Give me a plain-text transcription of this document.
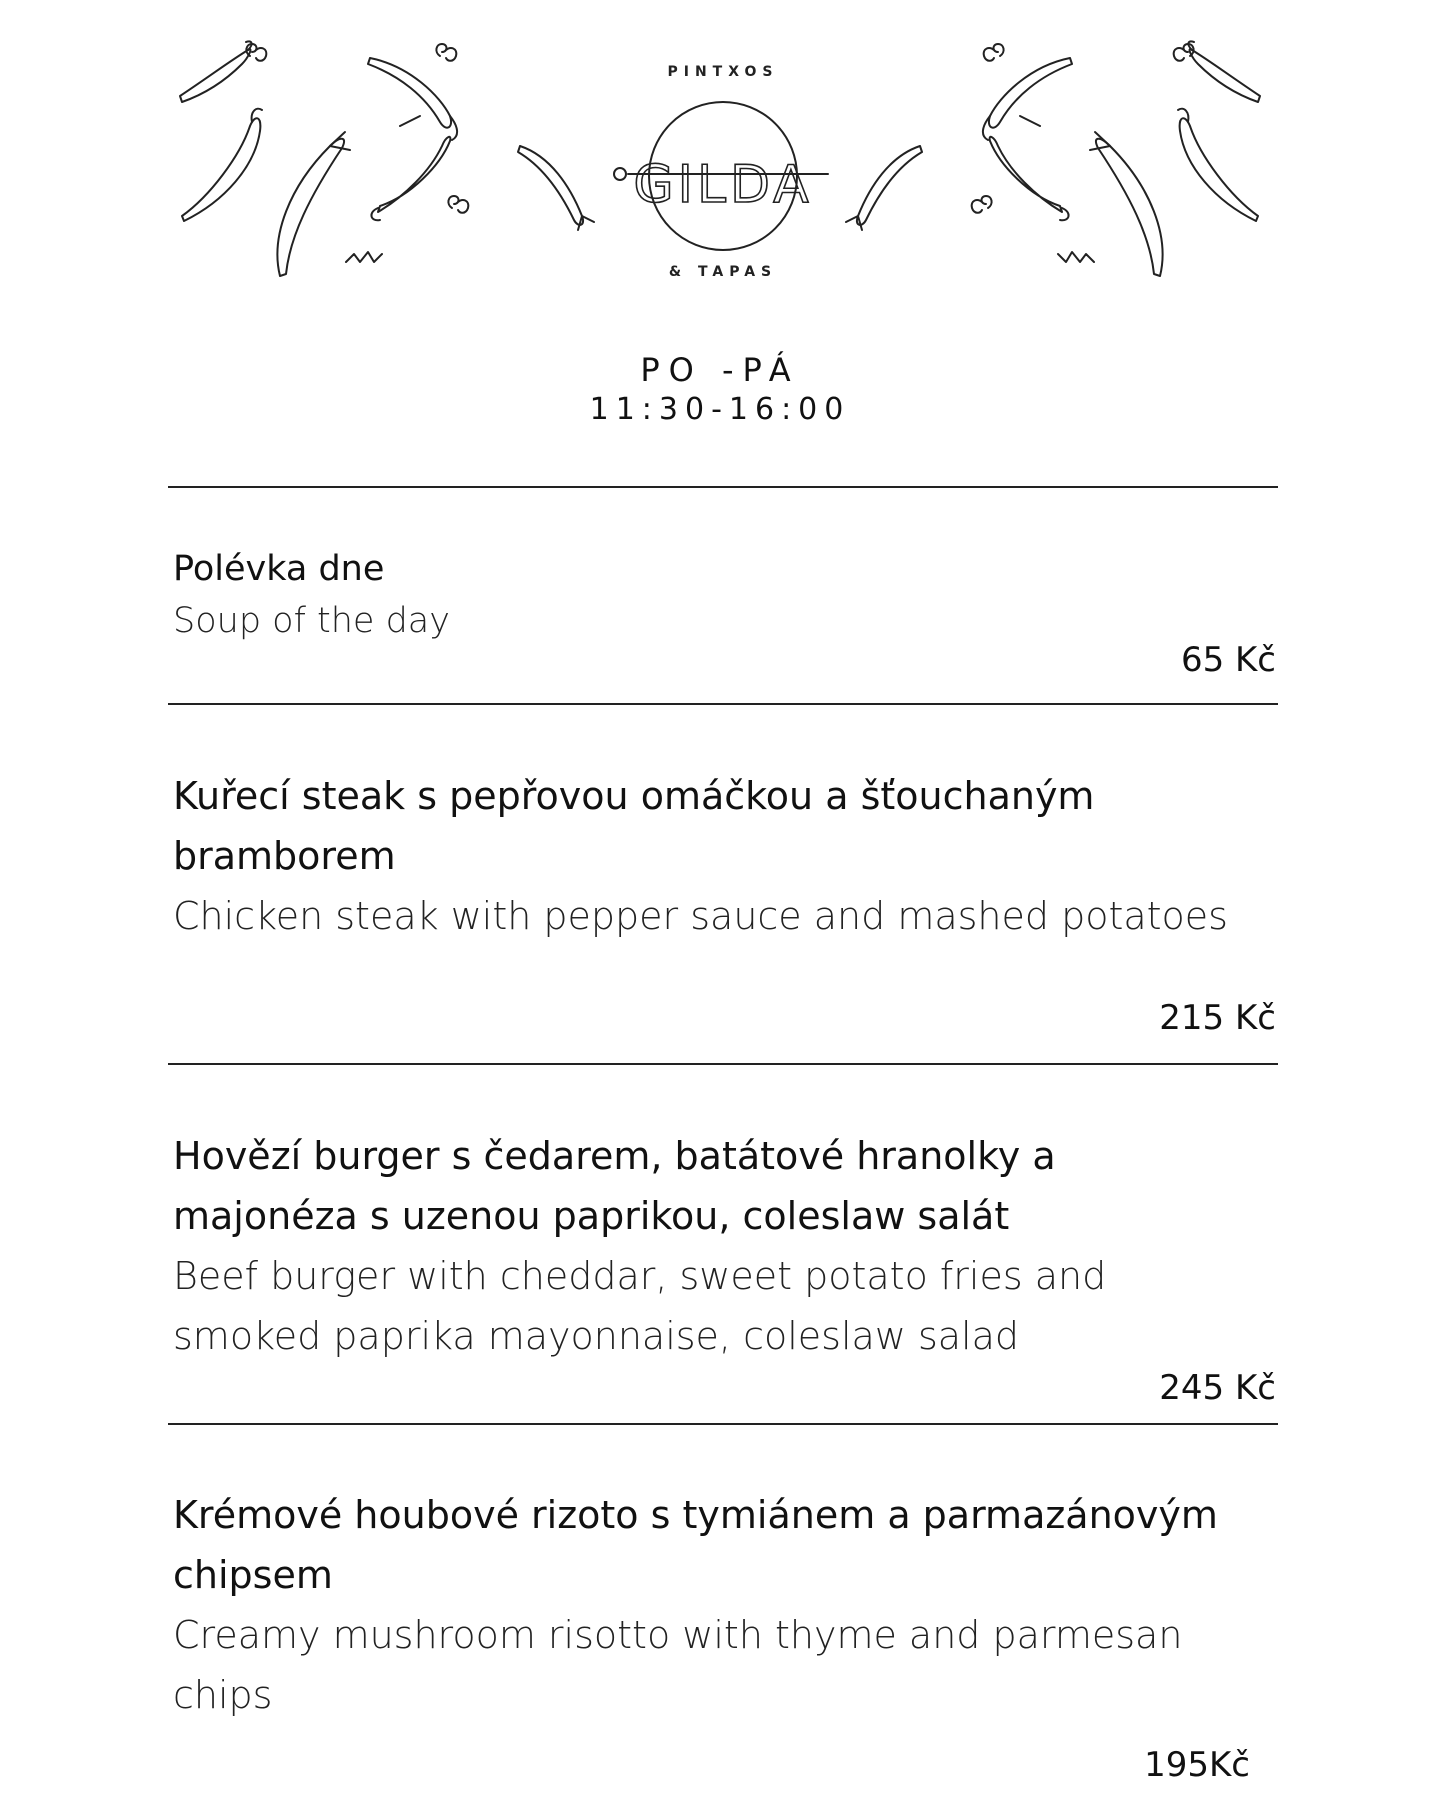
GILDA
PINTXOS
& TAPAS
PO -PÁ
11:30-16:00

Polévka dne

Soup of the day

65 Kč

Kuřecí steak s pepřovou omáčkou a šťouchaným

bramborem

Chicken steak with pepper sauce and mashed potatoes

215 Kč

Hovězí burger s čedarem, batátové hranolky a

majonéza s uzenou paprikou, coleslaw salát

Beef burger with cheddar, sweet potato fries and

smoked paprika mayonnaise, coleslaw salad

245 Kč

Krémové houbové rizoto s tymiánem a parmazánovým

chipsem

Creamy mushroom risotto with thyme and parmesan

chips

195Kč
